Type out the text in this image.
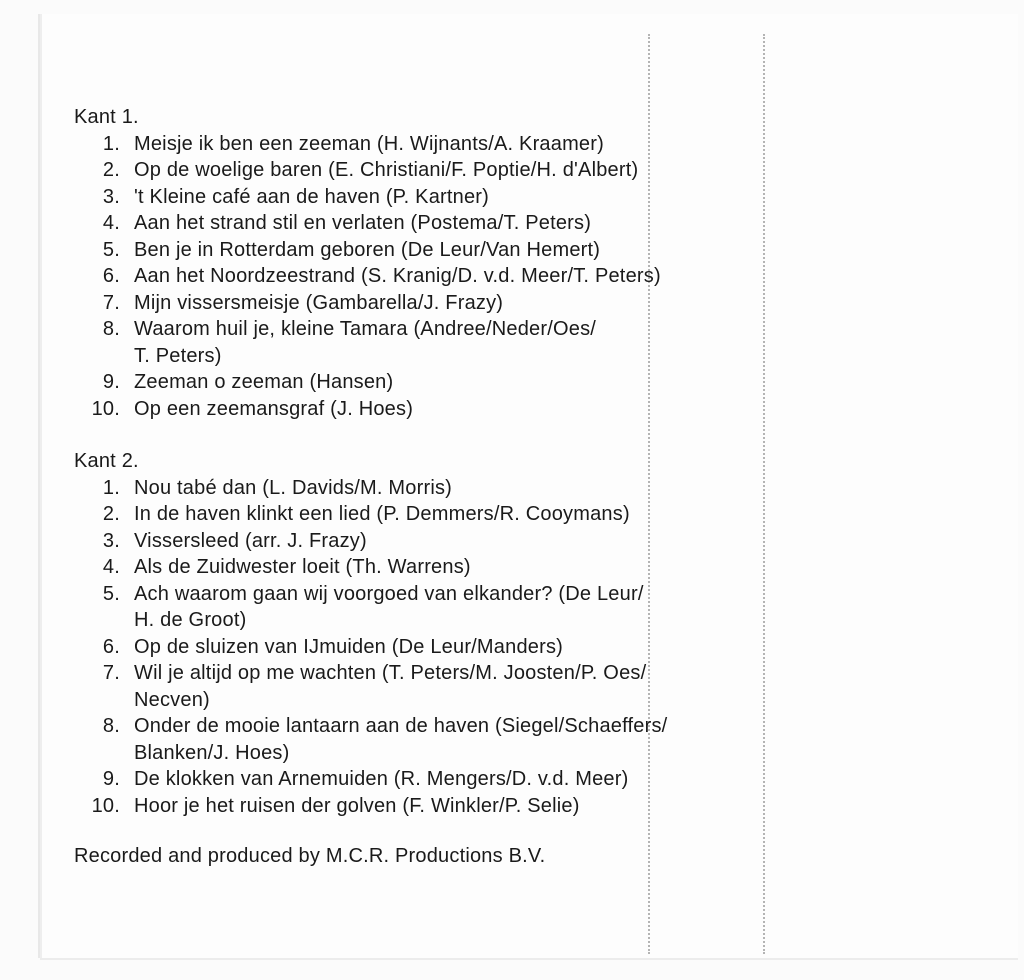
Kant 1.
1. Meisje ik ben een zeeman (H. Wijnants/A. Kraamer)
2. Op de woelige baren (E. Christiani/F. Poptie/H. d'Albert)
3. 't Kleine café aan de haven (P. Kartner)
4. Aan het strand stil en verlaten (Postema/T. Peters)
5. Ben je in Rotterdam geboren (De Leur/Van Hemert)
6. Aan het Noordzeestrand (S. Kranig/D. v.d. Meer/T. Peters)
7. Mijn vissersmeisje (Gambarella/J. Frazy)
8. Waarom huil je, kleine Tamara (Andree/Neder/Oes/
T. Peters)
9. Zeeman o zeeman (Hansen)
10. Op een zeemansgraf (J. Hoes)
Kant 2.
1. Nou tabé dan (L. Davids/M. Morris)
2. In de haven klinkt een lied (P. Demmers/R. Cooymans)
3. Vissersleed (arr. J. Frazy)
4. Als de Zuidwester loeit (Th. Warrens)
5. Ach waarom gaan wij voorgoed van elkander? (De Leur/
H. de Groot)
6. Op de sluizen van IJmuiden (De Leur/Manders)
7. Wil je altijd op me wachten (T. Peters/M. Joosten/P. Oes/
Necven)
8. Onder de mooie lantaarn aan de haven (Siegel/Schaeffers/
Blanken/J. Hoes)
9. De klokken van Arnemuiden (R. Mengers/D. v.d. Meer)
10. Hoor je het ruisen der golven (F. Winkler/P. Selie)

Recorded and produced by M.C.R. Productions B.V.
